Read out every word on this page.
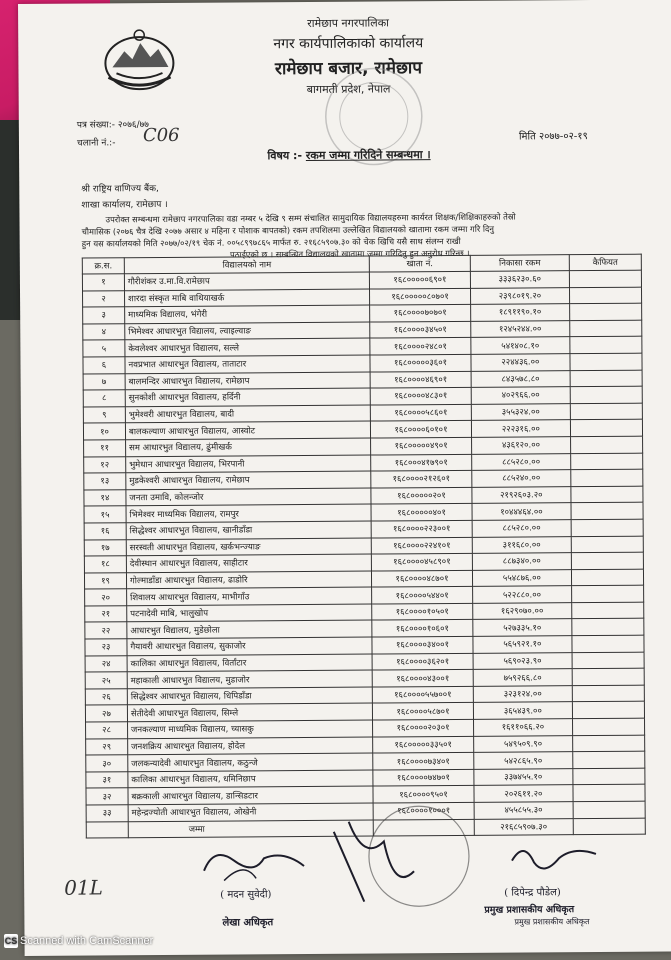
रामेछाप नगरपालिका
नगर कार्यपालिकाको कार्यालय
रामेछाप बजार, रामेछाप
बागमती प्रदेश, नेपाल
पत्र संख्या:- २०७६/७७
चलानी नं.:- C06	मिति २०७७-०२-१९
विषय :- रकम जम्मा गरिदिने सम्बन्धमा ।
श्री राष्ट्रिय वाणिज्य बैंक,
शाखा कार्यालय, रामेछाप ।
उपरोक्त सम्बन्धमा रामेछाप नगरपालिका वडा नम्बर ५ देखि ९ सम्म संचालित सामुदायिक विद्यालयहरुमा कार्यरत शिक्षक/शिक्षिकाहरुको तेस्रो
चौमासिक (२०७६ चैत्र देखि २०७७ असार ४ महिना र पोशाक बापतको) रकम तपशिलमा उल्लेखित विद्यालयको खातामा रकम जम्मा गरि दिनु
हुन यस कार्यालयको मिति २०७७/०२/१९ चेक नं. ००५८९९७८६५ मार्फत रु. २१६८५९०७.३० को चेक खिचि यसै साथ संलग्न राखी
पठाईएको छ । सम्बन्धित विद्यालयको खातामा जम्मा गरिदिनु हुन अनुरोध गरिन्छ ।
क्र.स.	विद्यालयको नाम	खाता नं.	निकासा रकम	कैफियत
१	गौरीशंकर उ.मा.वि.रामेछाप	१६८०००००६९०१	३३३६२३०.६०	
२	शारदा संस्कृत माबि वाथियाखर्क	१६८०००००८०७०१	२३९८०१९.२०	
३	माध्यमिक विद्यालय, भंगेरी	१६८००००७०७०१	१८९११९०.१०	
४	भिमेश्वर आधारभुत विद्यालय, ल्वाइल्वाङ	१६८००००३४५०१	१२४५२४४.००	
५	केवलेश्वर आधारभुत विद्यालय, सल्ले	१६८००००२४८०१	५४१४०८.१०	
६	नवप्रभात आधारभुत विद्यालय, ताताटार	१६८०००००३६०१	२२४४३६.००	
७	बालमन्दिर आधारभुत विद्यालय, रामेछाप	१६८००००४६९०१	८४३५७८.८०	
८	सुनकोशी आधारभुत विद्यालय, हर्दिनी	१६८००००४८३०१	४०२९६६.००	
९	भुमेश्वरी आधारभुत विद्यालय, बादी	१६८००००५८६०१	३५५३२४.००	
१०	बालकल्याण आधारभुत विद्यालय, आस्वोट	१६८००००६०१०१	२२२३१६.००	
११	सम आधारभुत विद्यालय, ढुंमीखर्क	१६८०००००४९०१	४३६१२०.००	
१२	भुमेधान आधारभुत विद्यालय, भिरपानी	१६८०००४१७९०१	८८५२८०.००	
१३	मुडकेश्वरी आधारभुत विद्यालय, रामेछाप	१६८००००२१२६०१	८८५२४०.००	
१४	जनता उमावि, कोलन्जोर	१६८०००००२०१	२१९२६०३.२०	
१५	भिमेश्वर माध्यमिक विद्यालय, रामपुर	१६८०००००४०१	१०४४४६४.००	
१६	सिद्धेश्वर आधारभुत विद्यालय, खानीडाँडा	१६८००००२२३००१	८८५२८०.००	
१७	सरस्वती आधारभुत विद्यालय, खर्कभन्ज्याङ	१६८००००२२४१०१	३११६८०.००	
१८	देवीस्थान आधारभुत विद्यालय, साहीटार	१६८००००४५८९०१	८८७३४०.००	
१९	गोल्माडाँडा आधारभुत विद्यालय, ढाडोरि	१६८००००४८७०१	५५४८७६.००	
२०	शिवालय आधारभुत विद्यालय, माभीगाँउ	१६८००००५४४०१	५२२८८०.००	
२१	पटनादेवी माबि, भालुखोप	१६८००००१०५०१	१६२९०७०.००	
२२	आधारभुत विद्यालय, मुडेछोला	१६८००००१०६०१	५२७३३५.१०	
२३	गैयावरी आधारभुत विद्यालय, सुकाजोर	१६८००००३४००१	५६५९२१.१०	
२४	कालिका आधारभुत विद्यालय, विर्तांटार	१६८००००३६२०१	५६९०२३.९०	
२५	महाकाली आधारभुत विद्यालय, मुडाजोर	१६८००००४३००१	७५९२६६.८०	
२६	सिद्धेश्वर आधारभुत विद्यालय, धिपिडाँडा	१६८००००५५७००१	३२३१२४.००	
२७	सेतीदेवी आधारभुत विद्यालय, सिम्ले	१६८००००५८७०१	३६५४३९.००	
२८	जनकल्याण माध्यमिक विद्यालय, च्यासकु	१६८००००२०३०१	१६११०६६.२०	
२९	जनशक्रिय आधारभुत विद्यालय, होदेल	१६८०००००३३५०१	५४९५०९.९०	
३०	जलकन्यादेवी आधारभुत विद्यालय, कठुन्जे	१६८००००७३४०१	५४२८६५.९०	
३१	कालिका आधारभुत विद्यालय, धमिनिछाप	१६८००००७४७०१	३३७४५५.१०	
३२	बक्रकाली आधारभुत विद्यालय, डान्सिडटार	१६८००००९५०१	२०२६११.२०	
३३	महेन्द्रज्योती आधारभुत विद्यालय, ओखेनी	१६८००००१०००१	४५५८५५.३०	
	जम्मा		२१६८५९०७.३०	
( मदन सुवेदी)
लेखा अधिकृत
( दिपेन्द्र पौडेल)
प्रमुख प्रशासकीय अधिकृत
प्रमुख प्रशासकीय अधिकृत
01L
CS Scanned with CamScanner
